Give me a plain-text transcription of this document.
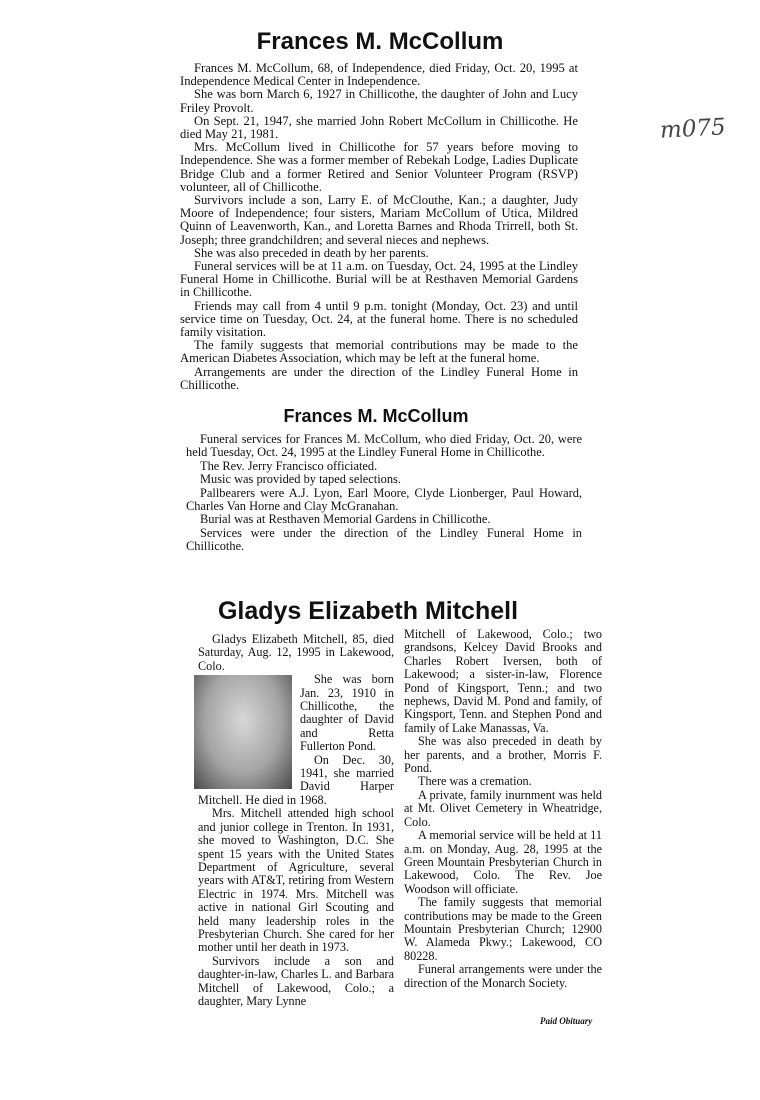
Frances M. McCollum

Frances M. McCollum, 68, of Independence, died Friday, Oct. 20, 1995 at Independence Medical Center in Independence.

She was born March 6, 1927 in Chillicothe, the daughter of John and Lucy Friley Provolt.

On Sept. 21, 1947, she married John Robert McCollum in Chillicothe. He died May 21, 1981.

Mrs. McCollum lived in Chillicothe for 57 years before moving to Independence. She was a former member of Rebekah Lodge, Ladies Duplicate Bridge Club and a former Retired and Senior Volunteer Program (RSVP) volunteer, all of Chillicothe.

Survivors include a son, Larry E. of McClouthe, Kan.; a daughter, Judy Moore of Independence; four sisters, Mariam McCollum of Utica, Mildred Quinn of Leavenworth, Kan., and Loretta Barnes and Rhoda Trirrell, both St. Joseph; three grandchildren; and several nieces and nephews.

She was also preceded in death by her parents.

Funeral services will be at 11 a.m. on Tuesday, Oct. 24, 1995 at the Lindley Funeral Home in Chillicothe. Burial will be at Resthaven Memorial Gardens in Chillicothe.

Friends may call from 4 until 9 p.m. tonight (Monday, Oct. 23) and until service time on Tuesday, Oct. 24, at the funeral home. There is no scheduled family visitation.

The family suggests that memorial contributions may be made to the American Diabetes Association, which may be left at the funeral home.

Arrangements are under the direction of the Lindley Funeral Home in Chillicothe.

m075

Frances M. McCollum

Funeral services for Frances M. McCollum, who died Friday, Oct. 20, were held Tuesday, Oct. 24, 1995 at the Lindley Funeral Home in Chillicothe.

The Rev. Jerry Francisco officiated.

Music was provided by taped selections.

Pallbearers were A.J. Lyon, Earl Moore, Clyde Lionberger, Paul Howard, Charles Van Horne and Clay McGranahan.

Burial was at Resthaven Memorial Gardens in Chillicothe.

Services were under the direction of the Lindley Funeral Home in Chillicothe.

Gladys Elizabeth Mitchell

Gladys Elizabeth Mitchell, 85, died Saturday, Aug. 12, 1995 in Lakewood, Colo.

She was born Jan. 23, 1910 in Chillicothe, the daughter of David and Retta Fullerton Pond.

On Dec. 30, 1941, she married David Harper Mitchell. He died in 1968.

Mrs. Mitchell attended high school and junior college in Trenton. In 1931, she moved to Washington, D.C. She spent 15 years with the United States Department of Agriculture, several years with AT&T, retiring from Western Electric in 1974. Mrs. Mitchell was active in national Girl Scouting and held many leadership roles in the Presbyterian Church. She cared for her mother until her death in 1973.

Survivors include a son and daughter-in-law, Charles L. and Barbara Mitchell of Lakewood, Colo.; a daughter, Mary Lynne

Mitchell of Lakewood, Colo.; two grandsons, Kelcey David Brooks and Charles Robert Iversen, both of Lakewood; a sister-in-law, Florence Pond of Kingsport, Tenn.; and two nephews, David M. Pond and family, of Kingsport, Tenn. and Stephen Pond and family of Lake Manassas, Va.

She was also preceded in death by her parents, and a brother, Morris F. Pond.

There was a cremation.

A private, family inurnment was held at Mt. Olivet Cemetery in Wheatridge, Colo.

A memorial service will be held at 11 a.m. on Monday, Aug. 28, 1995 at the Green Mountain Presbyterian Church in Lakewood, Colo. The Rev. Joe Woodson will officiate.

The family suggests that memorial contributions may be made to the Green Mountain Presbyterian Church; 12900 W. Alameda Pkwy.; Lakewood, CO 80228.

Funeral arrangements were under the direction of the Monarch Society.

Paid Obituary
